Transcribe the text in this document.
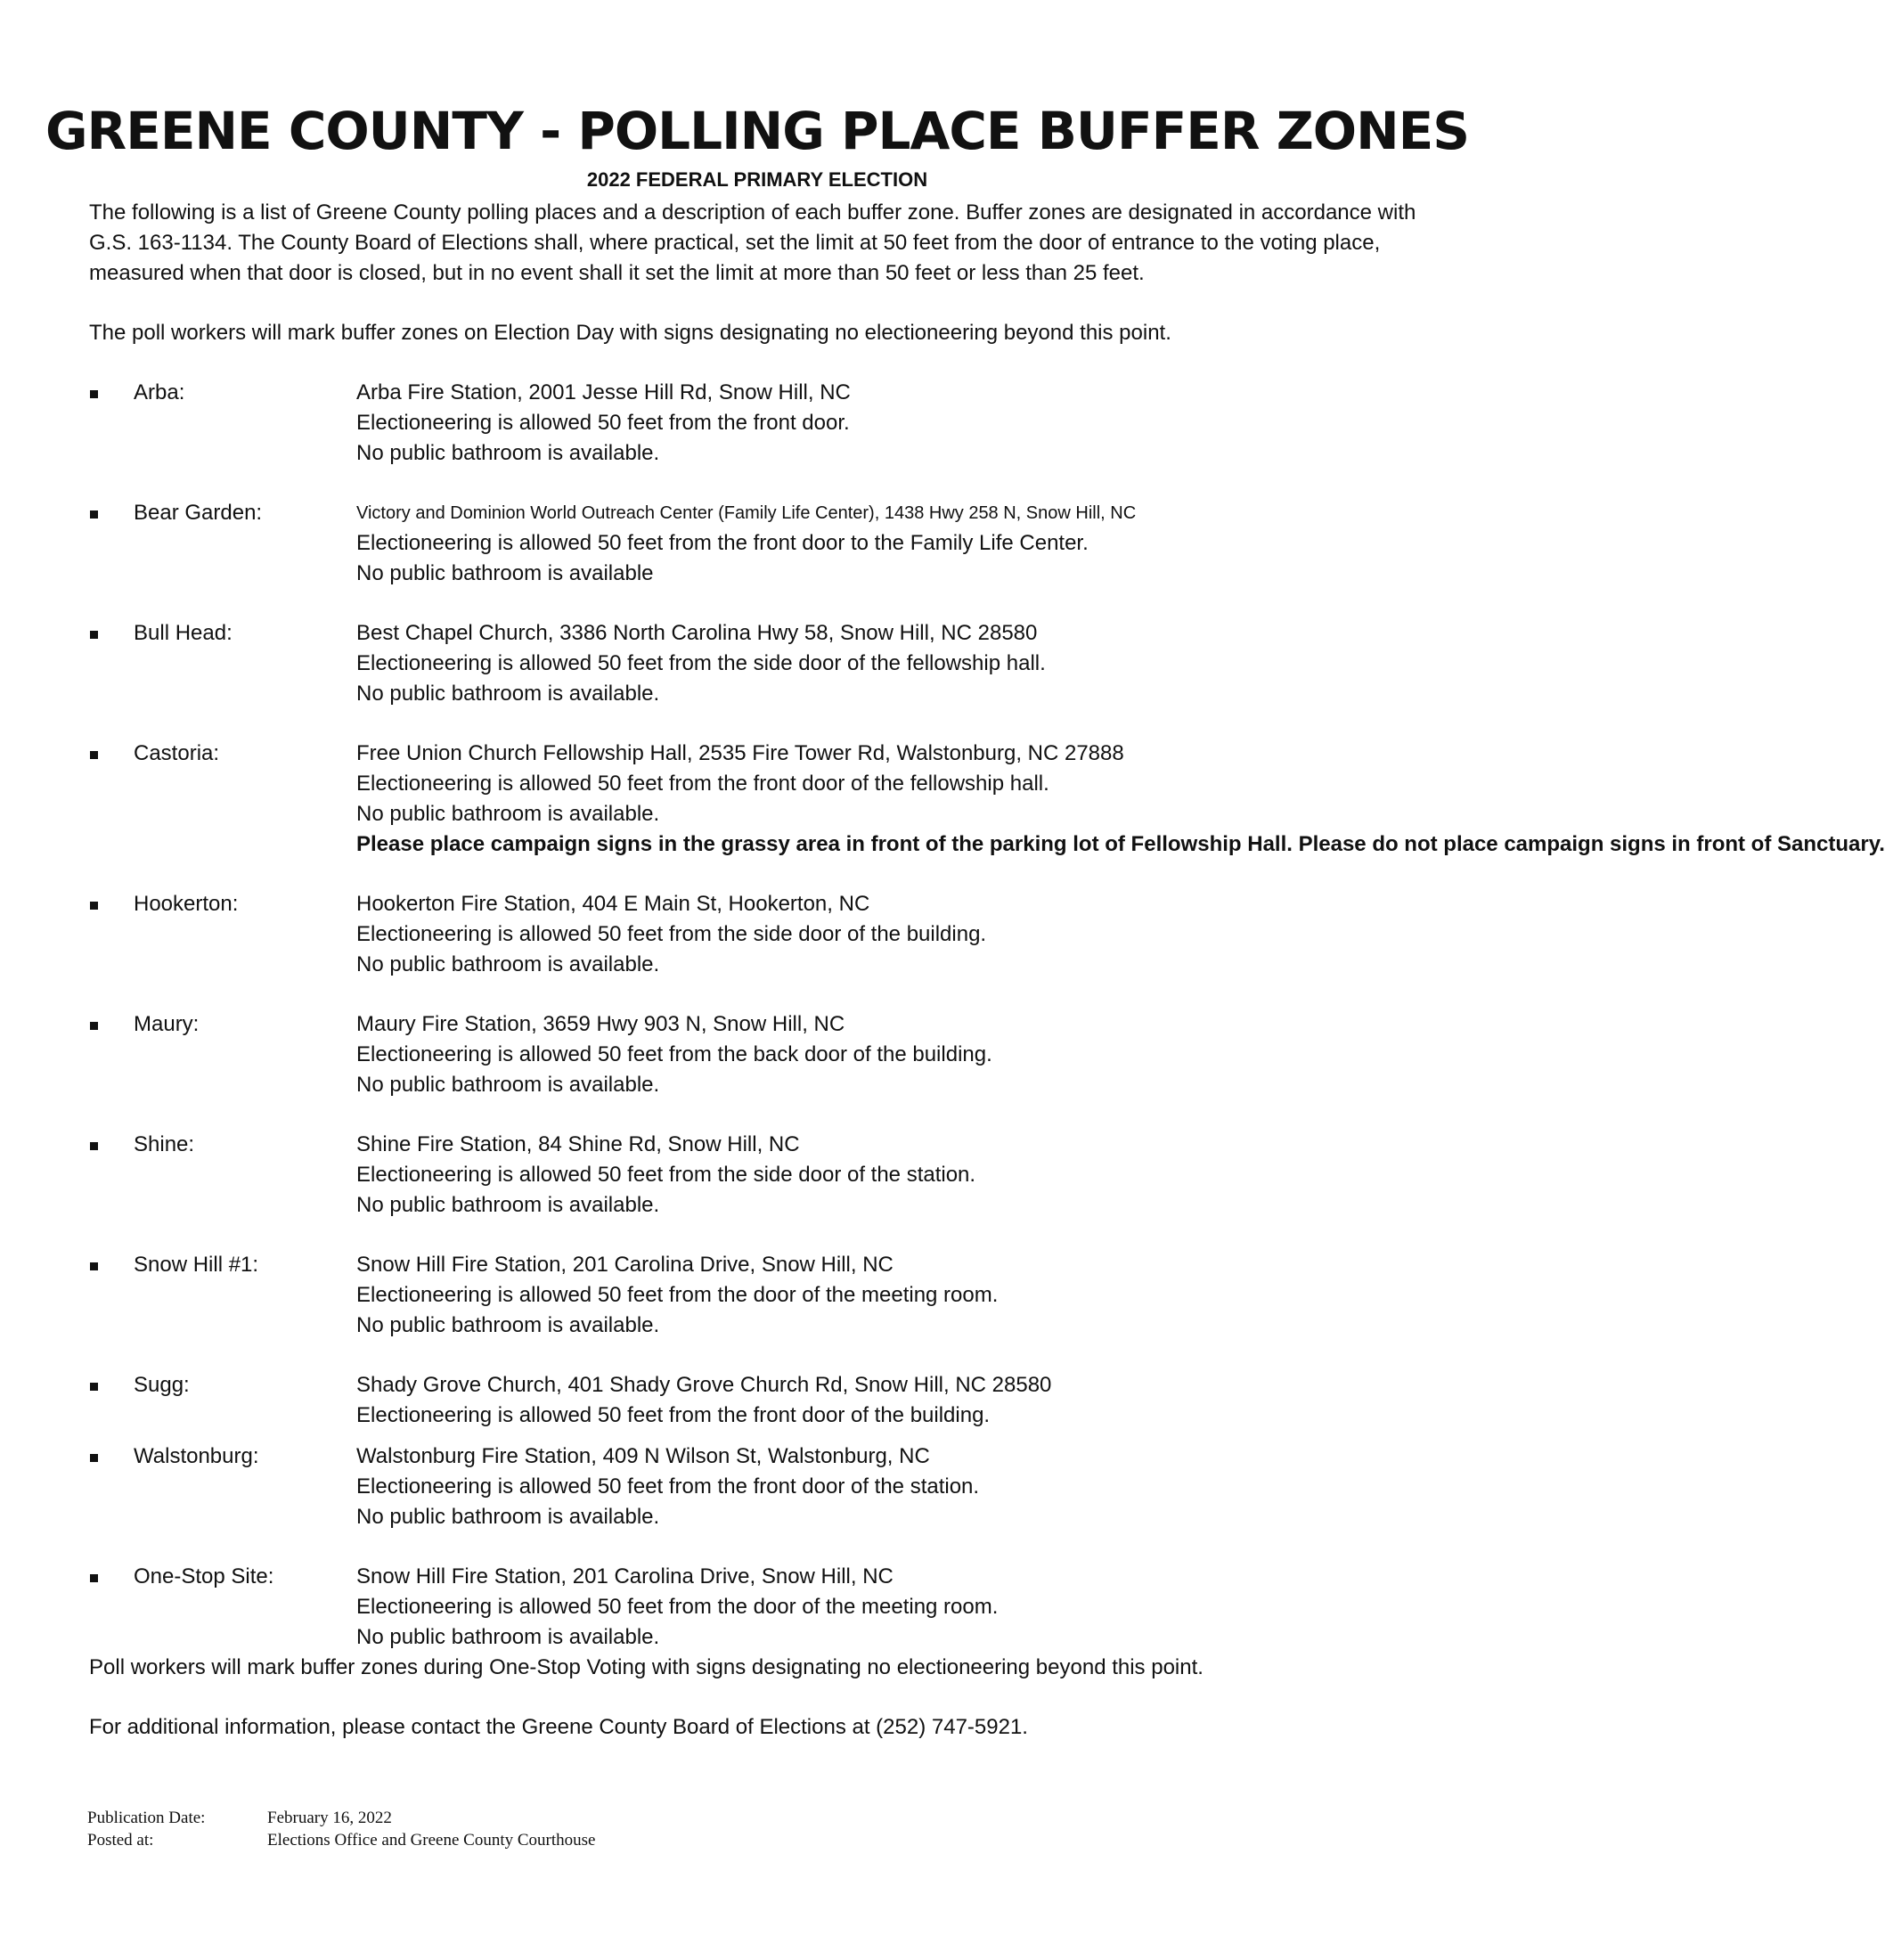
GREENE COUNTY - POLLING PLACE BUFFER ZONES
2022 FEDERAL PRIMARY ELECTION
The following is a list of Greene County polling places and a description of each buffer zone. Buffer zones are designated in accordance with G.S. 163-1134. The County Board of Elections shall, where practical, set the limit at 50 feet from the door of entrance to the voting place, measured when that door is closed, but in no event shall it set the limit at more than 50 feet or less than 25 feet.
The poll workers will mark buffer zones on Election Day with signs designating no electioneering beyond this point.
Arba:	Arba Fire Station, 2001 Jesse Hill Rd, Snow Hill, NC
Electioneering is allowed 50 feet from the front door.
No public bathroom is available.
Bear Garden:	Victory and Dominion World Outreach Center (Family Life Center), 1438 Hwy 258 N, Snow Hill, NC
Electioneering is allowed 50 feet from the front door to the Family Life Center.
No public bathroom is available
Bull Head:	Best Chapel Church, 3386 North Carolina Hwy 58, Snow Hill, NC 28580
Electioneering is allowed 50 feet from the side door of the fellowship hall.
No public bathroom is available.
Castoria:	Free Union Church Fellowship Hall, 2535 Fire Tower Rd, Walstonburg, NC 27888
Electioneering is allowed 50 feet from the front door of the fellowship hall.
No public bathroom is available. Please place campaign signs in the grassy area in front of the parking lot of Fellowship Hall. Please do not place campaign signs in front of Sanctuary.
Hookerton:	Hookerton Fire Station, 404 E Main St, Hookerton, NC
Electioneering is allowed 50 feet from the side door of the building.
No public bathroom is available.
Maury:	Maury Fire Station, 3659 Hwy 903 N, Snow Hill, NC
Electioneering is allowed 50 feet from the back door of the building.
No public bathroom is available.
Shine:	Shine Fire Station, 84 Shine Rd, Snow Hill, NC
Electioneering is allowed 50 feet from the side door of the station.
No public bathroom is available.
Snow Hill #1:	Snow Hill Fire Station, 201 Carolina Drive, Snow Hill, NC
Electioneering is allowed 50 feet from the door of the meeting room.
No public bathroom is available.
Sugg:	Shady Grove Church, 401 Shady Grove Church Rd, Snow Hill, NC 28580
Electioneering is allowed 50 feet from the front door of the building.
Walstonburg:	Walstonburg Fire Station, 409 N Wilson St, Walstonburg, NC
Electioneering is allowed 50 feet from the front door of the station.
No public bathroom is available.
One-Stop Site:	Snow Hill Fire Station, 201 Carolina Drive, Snow Hill, NC
Electioneering is allowed 50 feet from the door of the meeting room.
No public bathroom is available.
Poll workers will mark buffer zones during One-Stop Voting with signs designating no electioneering beyond this point.
For additional information, please contact the Greene County Board of Elections at (252) 747-5921.
Publication Date:	February 16, 2022
Posted at:	Elections Office and Greene County Courthouse
